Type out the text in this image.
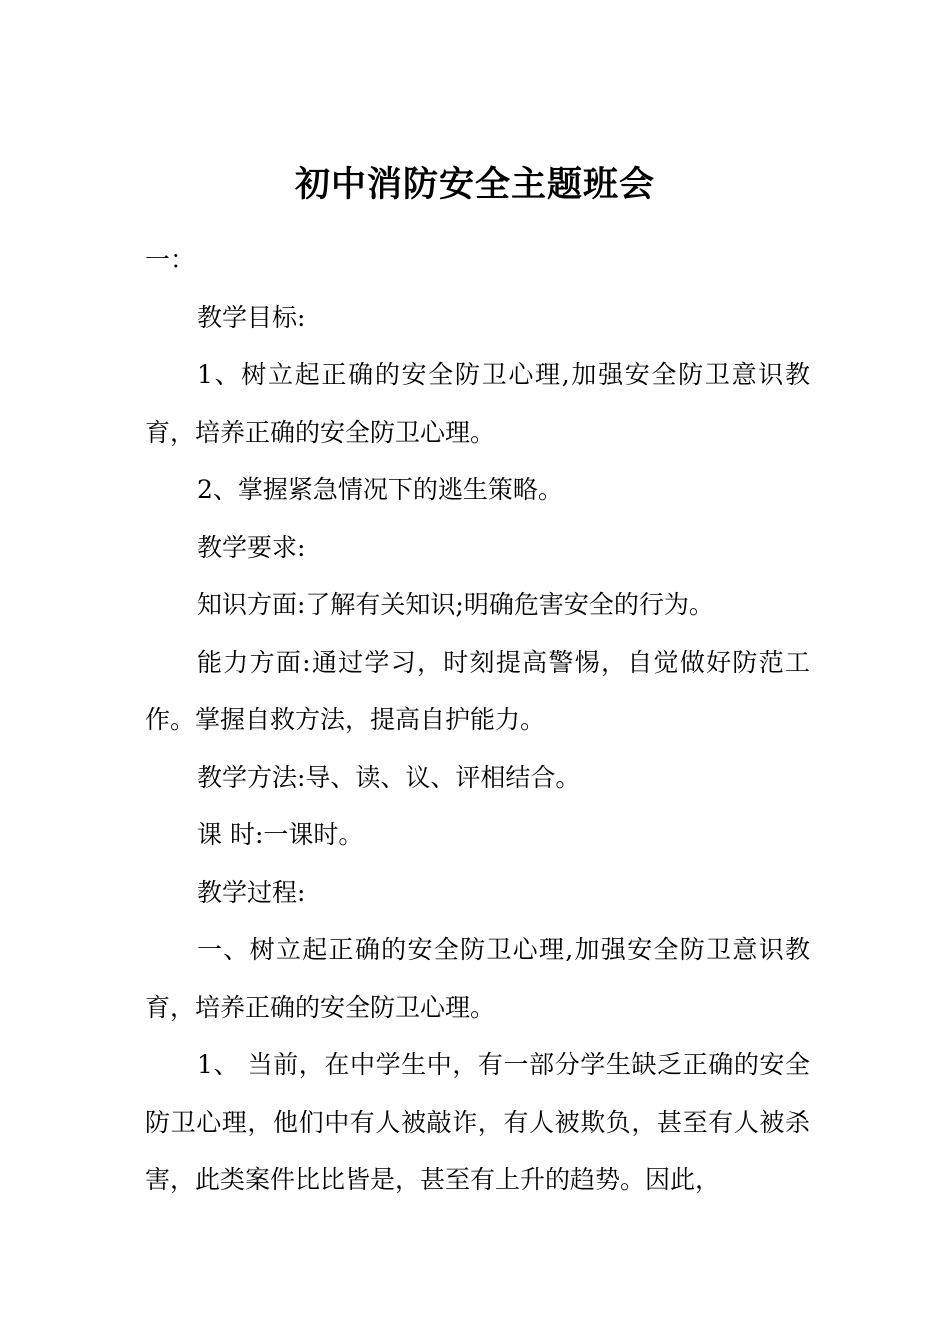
初中消防安全主题班会

一：

教学目标:

1、树立起正确的安全防卫心理,加强安全防卫意识教育，培养正确的安全防卫心理。

2、掌握紧急情况下的逃生策略。

教学要求:

知识方面:了解有关知识;明确危害安全的行为。

能力方面:通过学习，时刻提高警惕，自觉做好防范工作。掌握自救方法，提高自护能力。

教学方法:导、读、议、评相结合。

课 时:一课时。

教学过程:

一、树立起正确的安全防卫心理,加强安全防卫意识教育，培养正确的安全防卫心理。

1、 当前，在中学生中，有一部分学生缺乏正确的安全防卫心理，他们中有人被敲诈，有人被欺负，甚至有人被杀害，此类案件比比皆是，甚至有上升的趋势。因此，
